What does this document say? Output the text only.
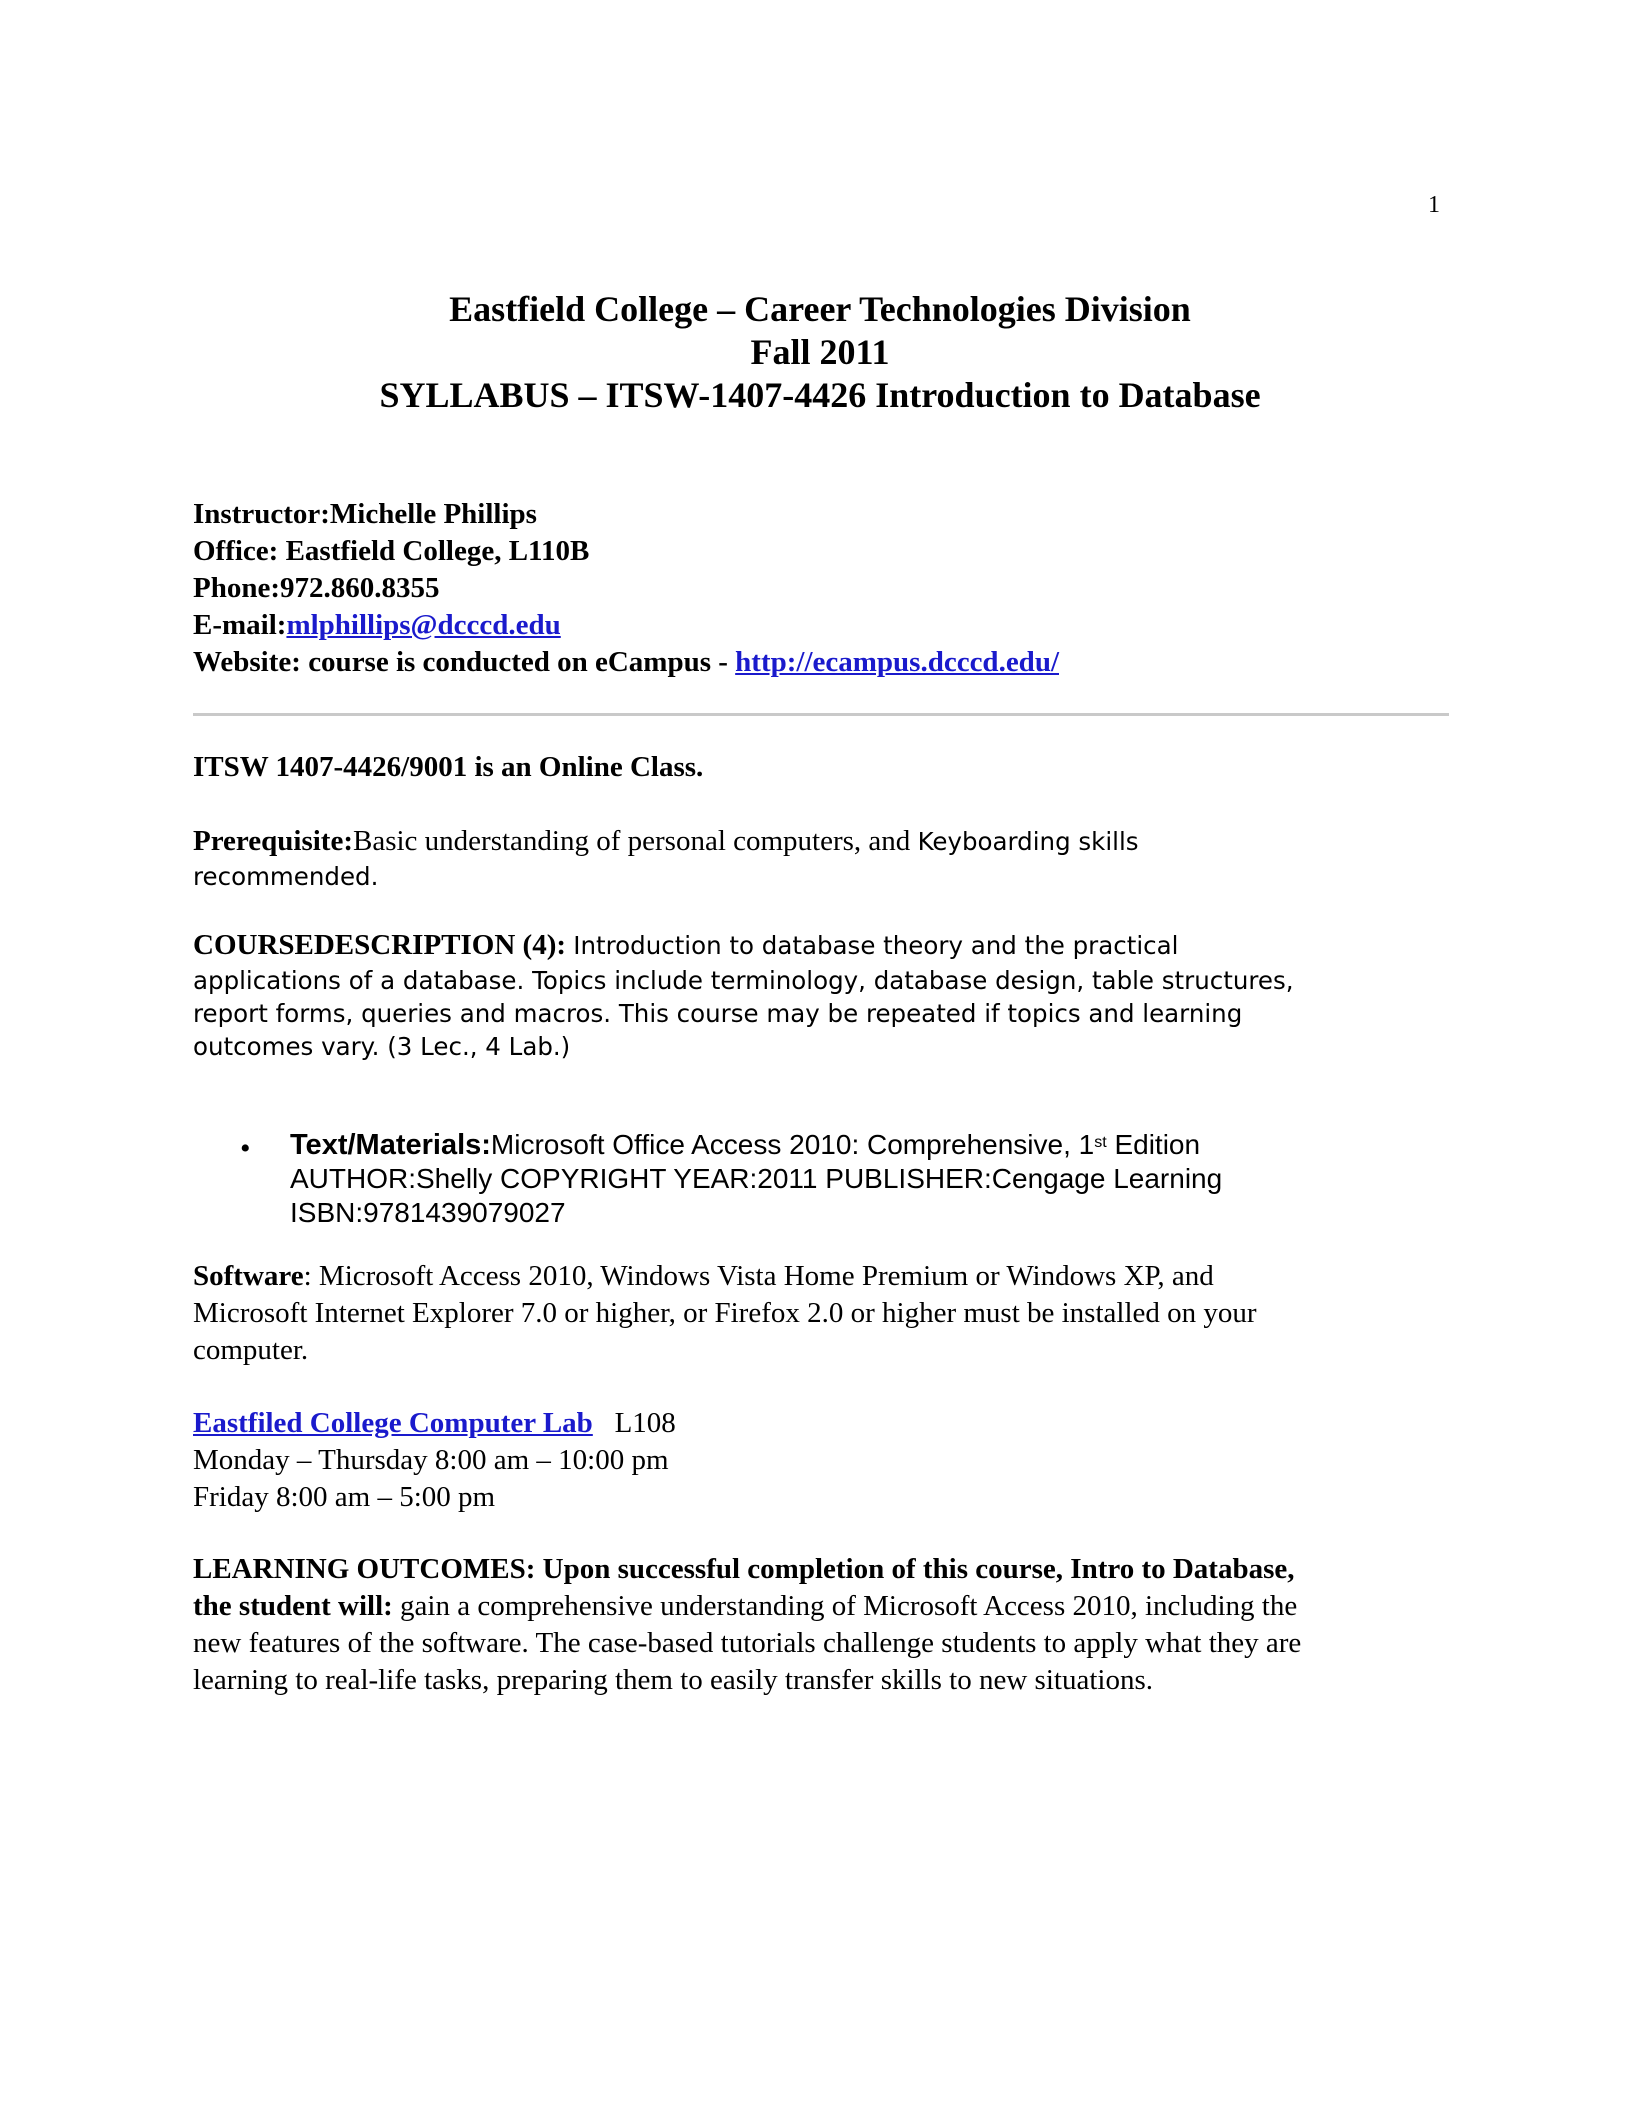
1
Eastfield College – Career Technologies Division
Fall 2011
SYLLABUS – ITSW-1407-4426 Introduction to Database
Instructor:Michelle Phillips
Office: Eastfield College, L110B
Phone:972.860.8355
E-mail:mlphillips@dcccd.edu
Website: course is conducted on eCampus - http://ecampus.dcccd.edu/
ITSW 1407-4426/9001 is an Online Class.
Prerequisite:Basic understanding of personal computers, and Keyboarding skills
recommended.
COURSEDESCRIPTION (4): Introduction to database theory and the practical
applications of a database. Topics include terminology, database design, table structures,
report forms, queries and macros. This course may be repeated if topics and learning
outcomes vary. (3 Lec., 4 Lab.)
• Text/Materials:Microsoft Office Access 2010: Comprehensive, 1st Edition
AUTHOR:Shelly COPYRIGHT YEAR:2011 PUBLISHER:Cengage Learning
ISBN:9781439079027
Software: Microsoft Access 2010, Windows Vista Home Premium or Windows XP, and
Microsoft Internet Explorer 7.0 or higher, or Firefox 2.0 or higher must be installed on your
computer.
Eastfiled College Computer Lab L108
Monday – Thursday 8:00 am – 10:00 pm
Friday 8:00 am – 5:00 pm
LEARNING OUTCOMES: Upon successful completion of this course, Intro to Database,
the student will: gain a comprehensive understanding of Microsoft Access 2010, including the
new features of the software. The case-based tutorials challenge students to apply what they are
learning to real-life tasks, preparing them to easily transfer skills to new situations.
